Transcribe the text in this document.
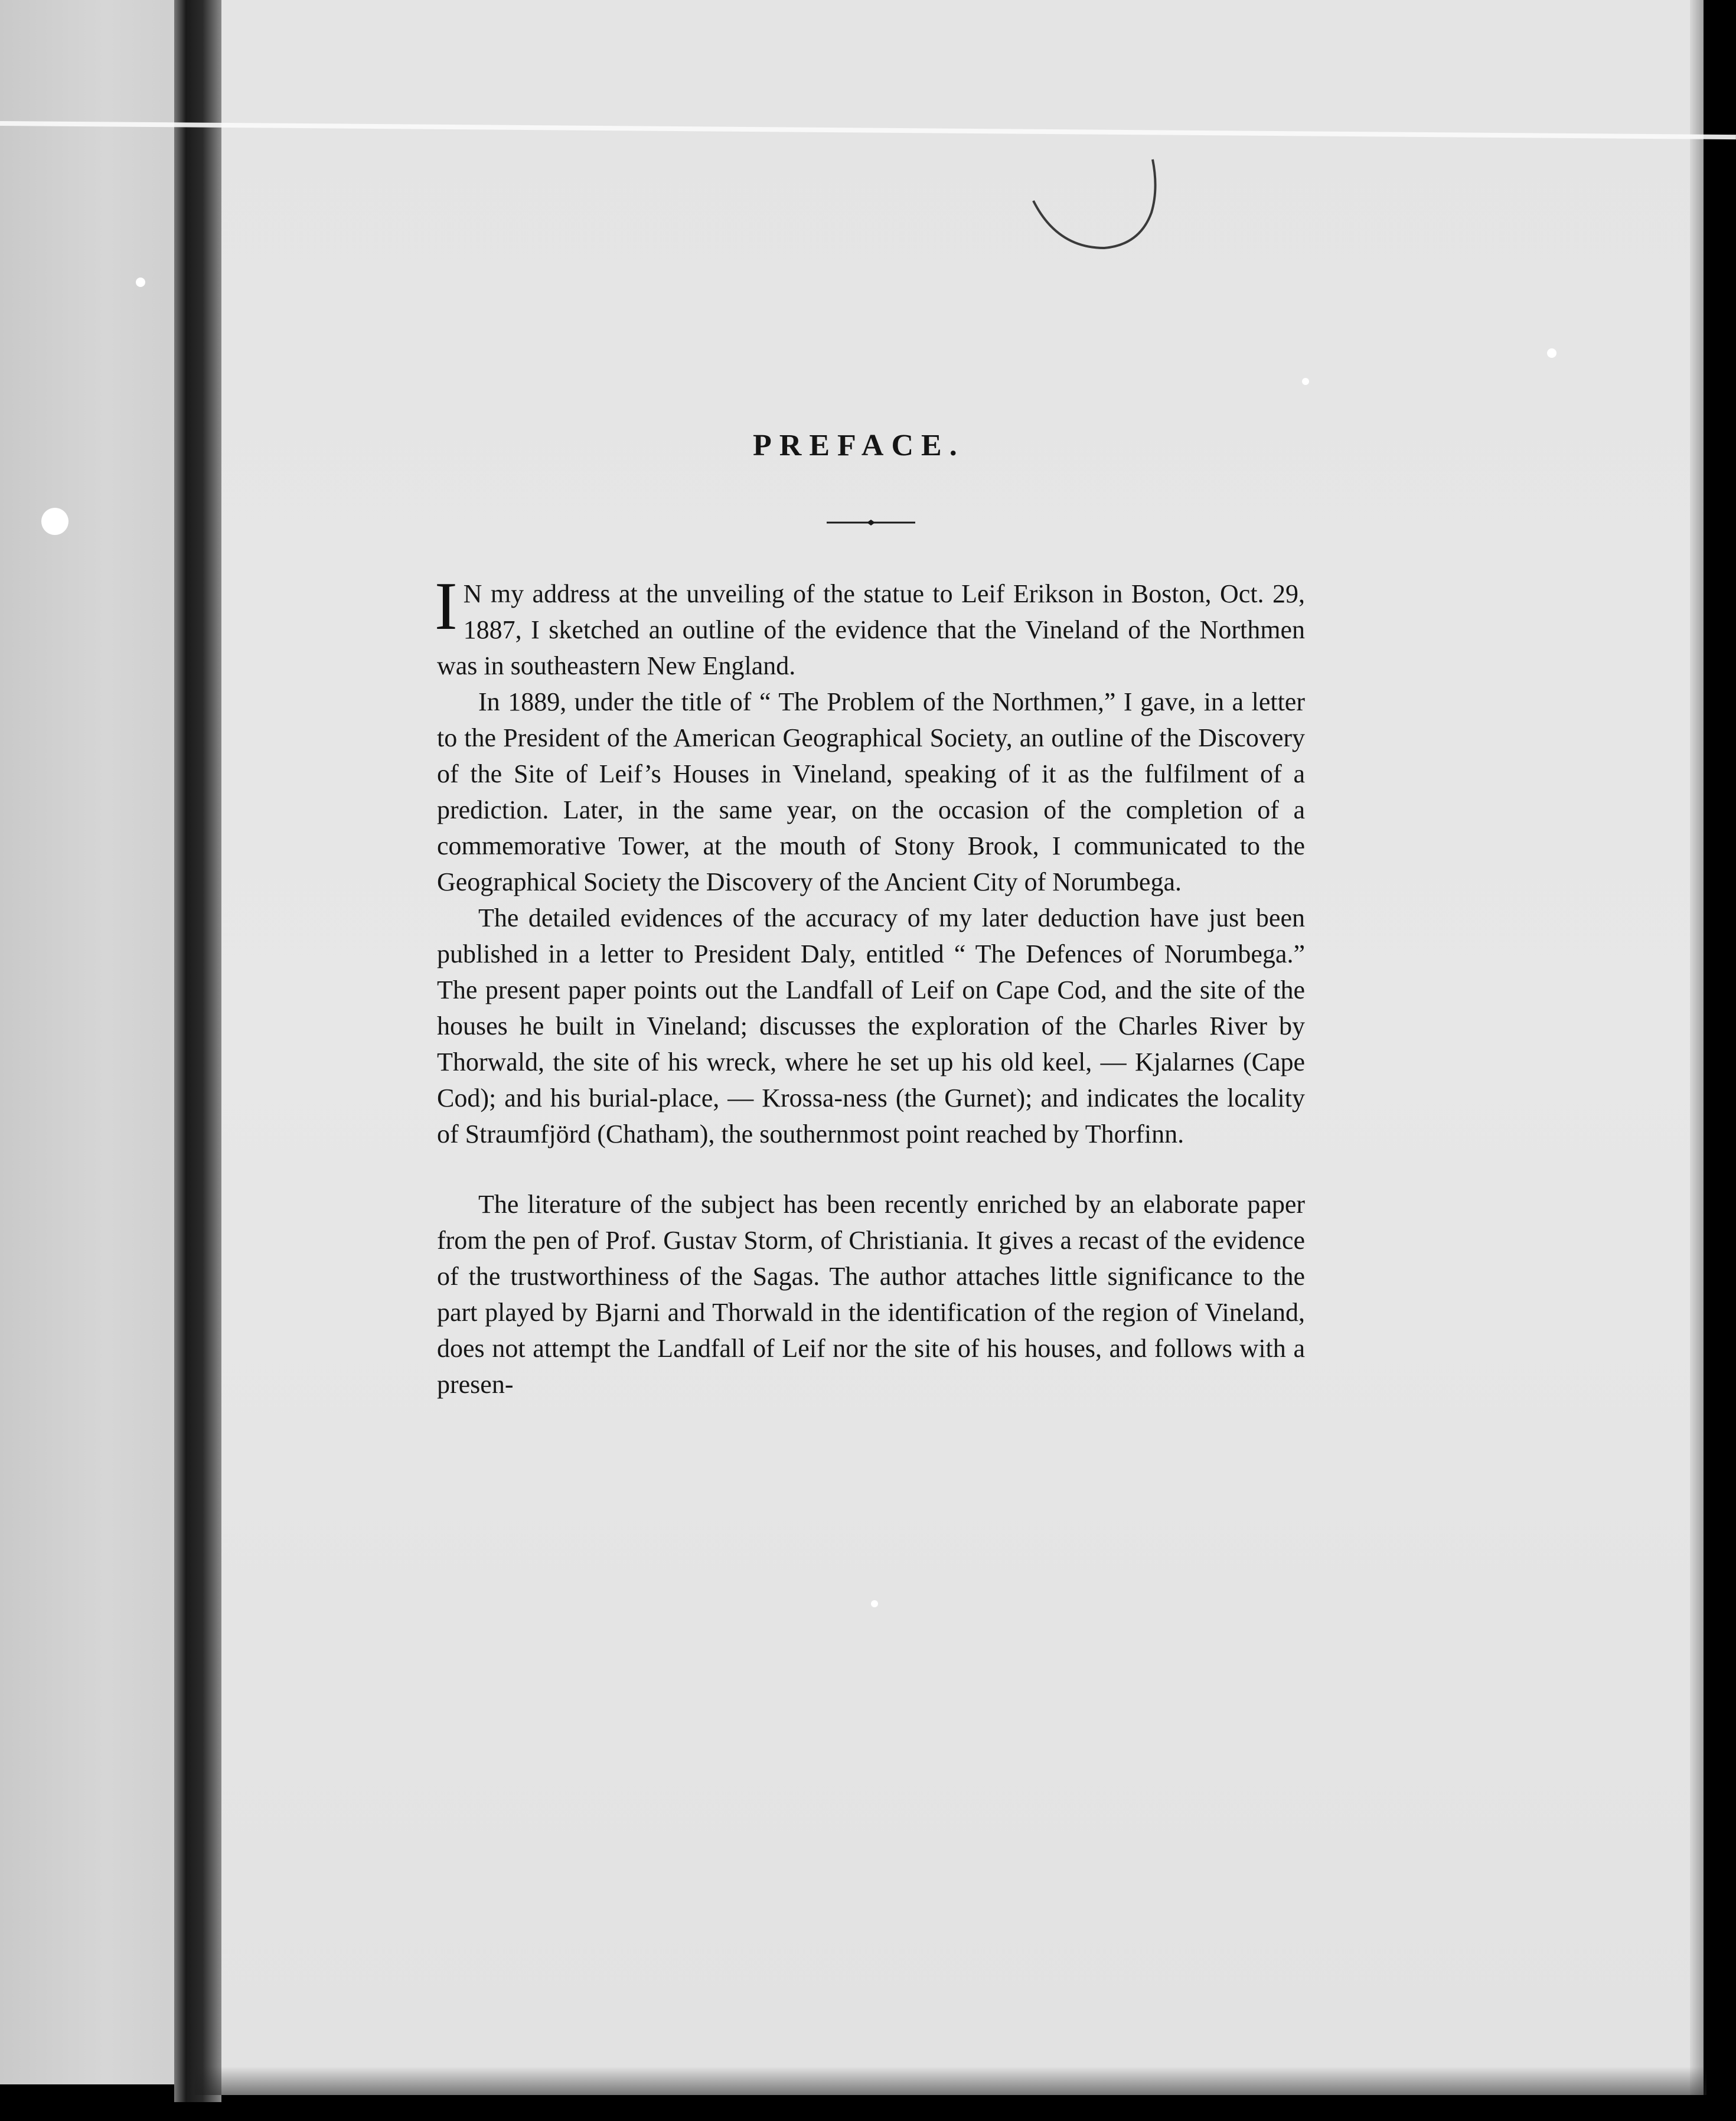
PREFACE.

I N my address at the unveiling of the statue to Leif Erikson in Boston, Oct. 29, 1887, I sketched an outline of the evidence that the Vineland of the Northmen was in southeastern New England.

In 1889, under the title of “ The Problem of the Northmen,” I gave, in a letter to the President of the American Geographical Society, an outline of the Discovery of the Site of Leif’s Houses in Vineland, speaking of it as the fulfilment of a prediction. Later, in the same year, on the occasion of the completion of a commemorative Tower, at the mouth of Stony Brook, I communicated to the Geographical Society the Discovery of the Ancient City of Norumbega.

The detailed evidences of the accuracy of my later deduction have just been published in a letter to President Daly, entitled “ The Defences of Norumbega.” The present paper points out the Landfall of Leif on Cape Cod, and the site of the houses he built in Vineland; discusses the exploration of the Charles River by Thorwald, the site of his wreck, where he set up his old keel, — Kjalarnes (Cape Cod); and his burial-place, — Krossa-ness (the Gurnet); and indicates the locality of Straumfjörd (Chatham), the southernmost point reached by Thorfinn.

The literature of the subject has been recently enriched by an elaborate paper from the pen of Prof. Gustav Storm, of Christiania. It gives a recast of the evidence of the trustworthiness of the Sagas. The author attaches little significance to the part played by Bjarni and Thorwald in the identification of the region of Vineland, does not attempt the Landfall of Leif nor the site of his houses, and follows with a presen-
